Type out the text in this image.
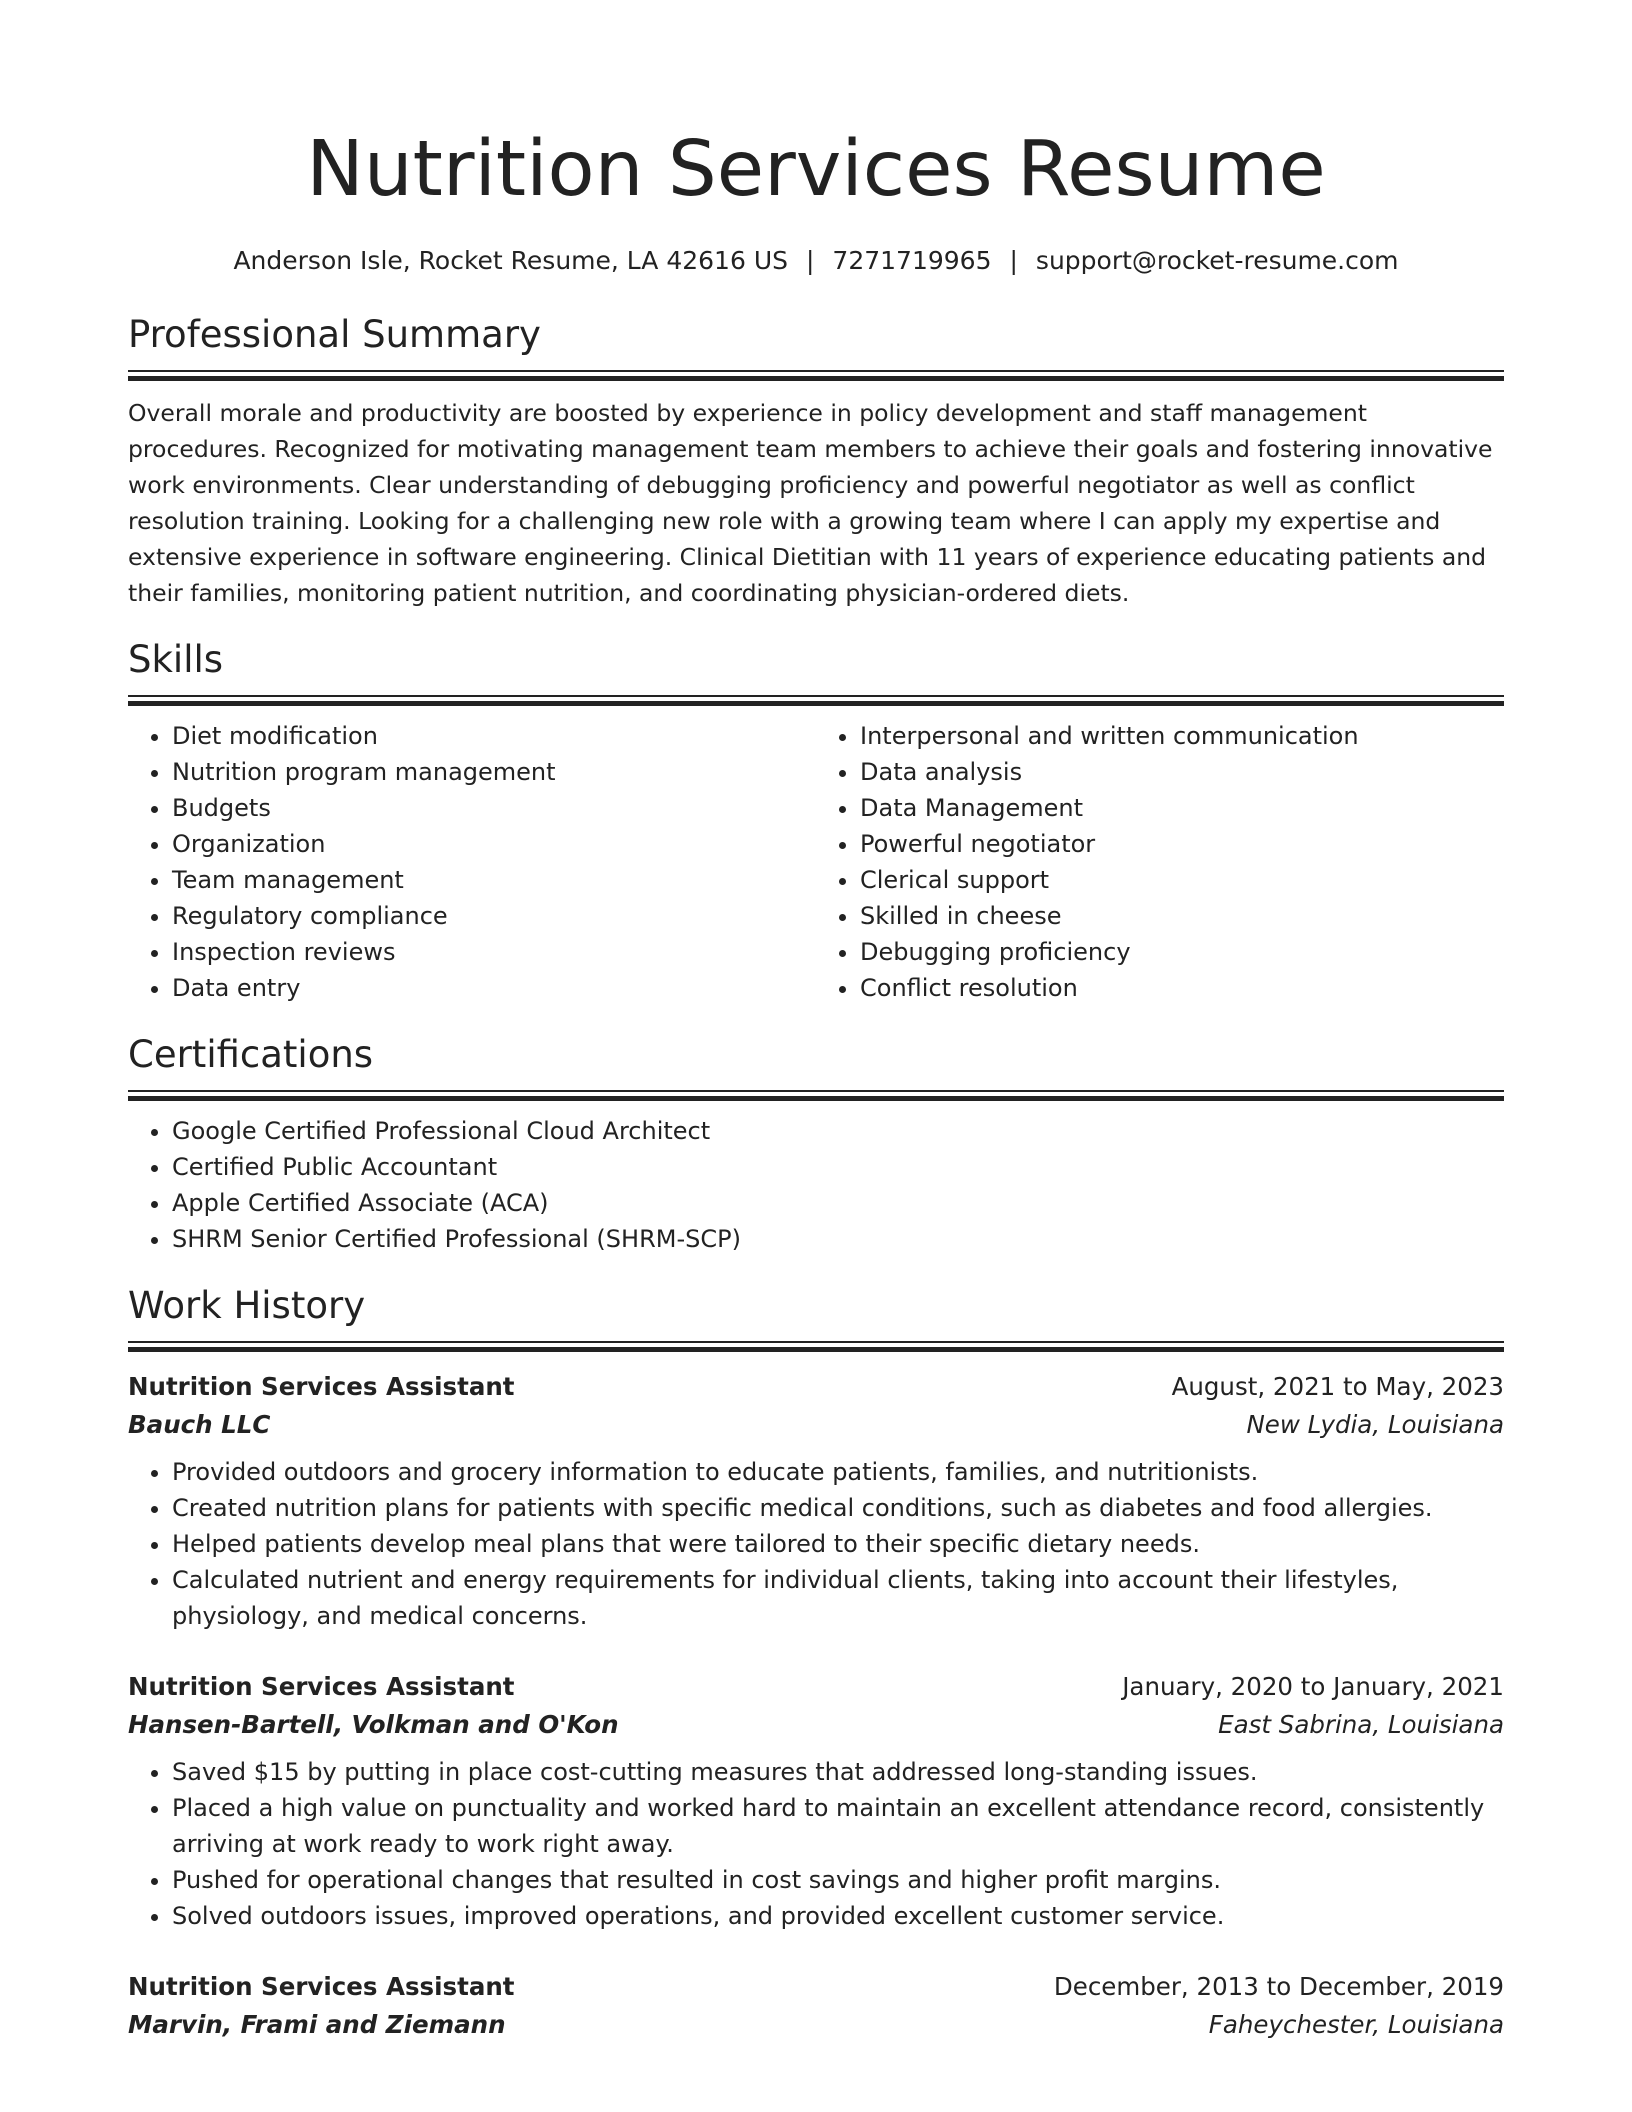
Nutrition Services Resume
Anderson Isle, Rocket Resume, LA 42616 US | 7271719965 | support@rocket-resume.com
Professional Summary
Overall morale and productivity are boosted by experience in policy development and staff management procedures. Recognized for motivating management team members to achieve their goals and fostering innovative work environments. Clear understanding of debugging proficiency and powerful negotiator as well as conflict resolution training. Looking for a challenging new role with a growing team where I can apply my expertise and extensive experience in software engineering. Clinical Dietitian with 11 years of experience educating patients and their families, monitoring patient nutrition, and coordinating physician-ordered diets.
Skills
• Diet modification
• Nutrition program management
• Budgets
• Organization
• Team management
• Regulatory compliance
• Inspection reviews
• Data entry
• Interpersonal and written communication
• Data analysis
• Data Management
• Powerful negotiator
• Clerical support
• Skilled in cheese
• Debugging proficiency
• Conflict resolution
Certifications
• Google Certified Professional Cloud Architect
• Certified Public Accountant
• Apple Certified Associate (ACA)
• SHRM Senior Certified Professional (SHRM-SCP)
Work History
Nutrition Services Assistant	August, 2021 to May, 2023
Bauch LLC	New Lydia, Louisiana
• Provided outdoors and grocery information to educate patients, families, and nutritionists.
• Created nutrition plans for patients with specific medical conditions, such as diabetes and food allergies.
• Helped patients develop meal plans that were tailored to their specific dietary needs.
• Calculated nutrient and energy requirements for individual clients, taking into account their lifestyles, physiology, and medical concerns.
Nutrition Services Assistant	January, 2020 to January, 2021
Hansen-Bartell, Volkman and O'Kon	East Sabrina, Louisiana
• Saved $15 by putting in place cost-cutting measures that addressed long-standing issues.
• Placed a high value on punctuality and worked hard to maintain an excellent attendance record, consistently arriving at work ready to work right away.
• Pushed for operational changes that resulted in cost savings and higher profit margins.
• Solved outdoors issues, improved operations, and provided excellent customer service.
Nutrition Services Assistant	December, 2013 to December, 2019
Marvin, Frami and Ziemann	Faheychester, Louisiana
